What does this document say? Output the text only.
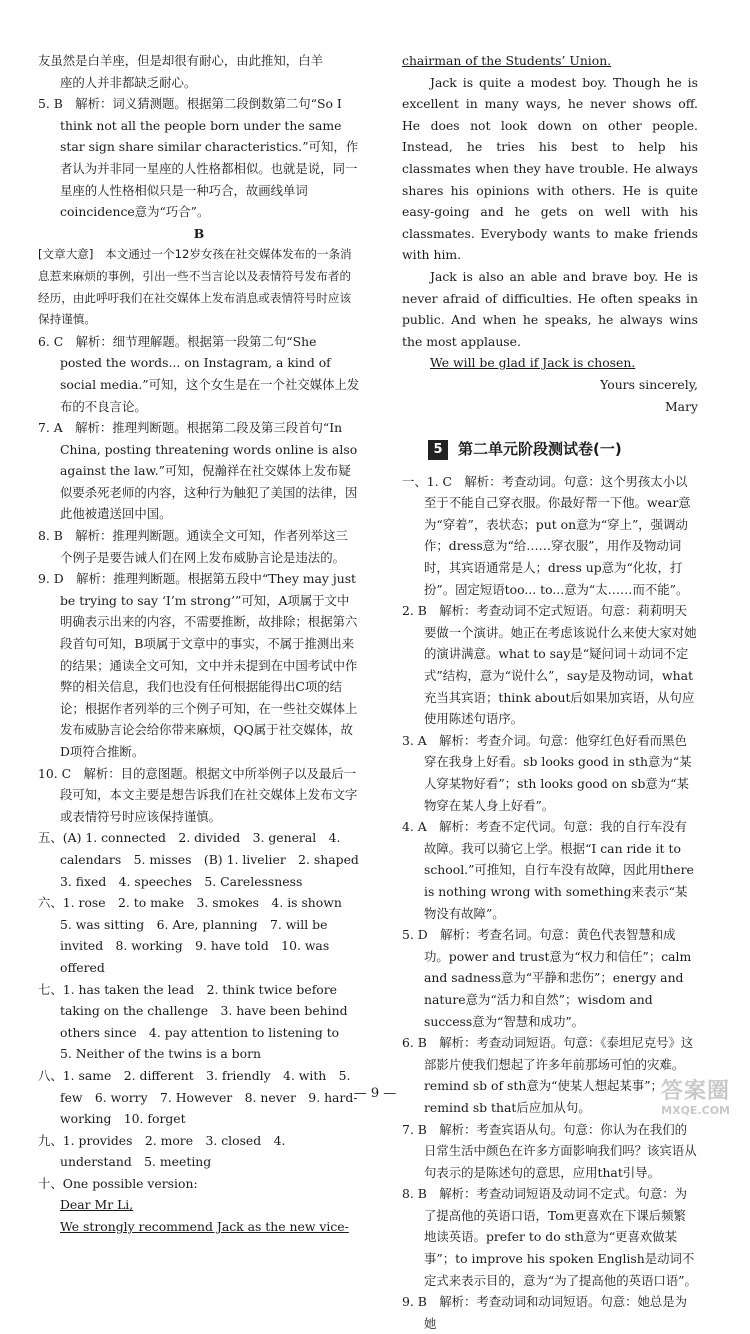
友虽然是白羊座，但是却很有耐心，由此推知，白羊

座的人并非都缺乏耐心。

5. B　解析：词义猜测题。根据第二段倒数第二句“So I think not all the people born under the same star sign share similar characteristics.”可知，作者认为并非同一星座的人性格都相似。也就是说，同一星座的人性格相似只是一种巧合，故画线单词coincidence意为“巧合”。

B

[文章大意]　本文通过一个12岁女孩在社交媒体发布的一条消息惹来麻烦的事例，引出一些不当言论以及表情符号发布者的经历，由此呼吁我们在社交媒体上发布消息或表情符号时应该保持谨慎。

6. C　解析：细节理解题。根据第一段第二句“She posted the words... on Instagram, a kind of social media.”可知，这个女生是在一个社交媒体上发布的不良言论。

7. A　解析：推理判断题。根据第二段及第三段首句“In China, posting threatening words online is also against the law.”可知，倪瀚祥在社交媒体上发布疑似要杀死老师的内容，这种行为触犯了美国的法律，因此他被遣送回中国。

8. B　解析：推理判断题。通读全文可知，作者列举这三个例子是要告诫人们在网上发布威胁言论是违法的。

9. D　解析：推理判断题。根据第五段中“They may just be trying to say ‘I’m strong’”可知，A项属于文中明确表示出来的内容，不需要推断，故排除；根据第六段首句可知，B项属于文章中的事实，不属于推测出来的结果；通读全文可知，文中并未提到在中国考试中作弊的相关信息，我们也没有任何根据能得出C项的结论；根据作者列举的三个例子可知，在一些社交媒体上发布威胁言论会给你带来麻烦，QQ属于社交媒体，故D项符合推断。

10. C　解析：目的意图题。根据文中所举例子以及最后一段可知，本文主要是想告诉我们在社交媒体上发布文字或表情符号时应该保持谨慎。

五、(A) 1. connected　2. divided　3. general　4. calendars　5. misses　(B) 1. livelier　2. shaped　3. fixed　4. speeches　5. Carelessness

六、1. rose　2. to make　3. smokes　4. is shown　5. was sitting　6. Are, planning　7. will be invited　8. working　9. have told　10. was offered

七、1. has taken the lead　2. think twice before taking on the challenge　3. have been behind others since　4. pay attention to listening to　5. Neither of the twins is a born

八、1. same　2. different　3. friendly　4. with　5. few　6. worry　7. However　8. never　9. hard-working　10. forget

九、1. provides　2. more　3. closed　4. understand　5. meeting

十、One possible version:

Dear Mr Li,

We strongly recommend Jack as the new vice-

chairman of the Students’ Union.

Jack is quite a modest boy. Though he is excellent in many ways, he never shows off. He does not look down on other people. Instead, he tries his best to help his classmates when they have trouble. He always shares his opinions with others. He is quite easy-going and he gets on well with his classmates. Everybody wants to make friends with him.

Jack is also an able and brave boy. He is never afraid of difficulties. He often speaks in public. And when he speaks, he always wins the most applause.

We will be glad if Jack is chosen.

Yours sincerely,

Mary

5	第二单元阶段测试卷(一)

一、1. C　解析：考查动词。句意：这个男孩太小以至于不能自己穿衣服。你最好帮一下他。wear意为“穿着”，表状态；put on意为“穿上”，强调动作；dress意为“给……穿衣服”，用作及物动词时，其宾语通常是人；dress up意为“化妆，打扮”。固定短语too... to...意为“太……而不能”。

2. B　解析：考查动词不定式短语。句意：莉莉明天要做一个演讲。她正在考虑该说什么来使大家对她的演讲满意。what to say是“疑问词＋动词不定式”结构，意为“说什么”，say是及物动词，what充当其宾语；think about后如果加宾语，从句应使用陈述句语序。

3. A　解析：考查介词。句意：他穿红色好看而黑色穿在我身上好看。sb looks good in sth意为“某人穿某物好看”；sth looks good on sb意为“某物穿在某人身上好看”。

4. A　解析：考查不定代词。句意：我的自行车没有故障。我可以骑它上学。根据“I can ride it to school.”可推知，自行车没有故障，因此用there is nothing wrong with something来表示“某物没有故障”。

5. D　解析：考查名词。句意：黄色代表智慧和成功。power and trust意为“权力和信任”；calm and sadness意为“平静和悲伤”；energy and nature意为“活力和自然”；wisdom and success意为“智慧和成功”。

6. B　解析：考查动词短语。句意：《泰坦尼克号》这部影片使我们想起了许多年前那场可怕的灾难。remind sb of sth意为“使某人想起某事”；remind sb that后应加从句。

7. B　解析：考查宾语从句。句意：你认为在我们的日常生活中颜色在许多方面影响我们吗？该宾语从句表示的是陈述句的意思，应用that引导。

8. B　解析：考查动词短语及动词不定式。句意：为了提高他的英语口语，Tom更喜欢在下课后频繁地读英语。prefer to do sth意为“更喜欢做某事”；to improve his spoken English是动词不定式来表示目的，意为“为了提高他的英语口语”。

9. B　解析：考查动词和动词短语。句意：她总是为她

— 9 —	答案圈
MXQE.COM
